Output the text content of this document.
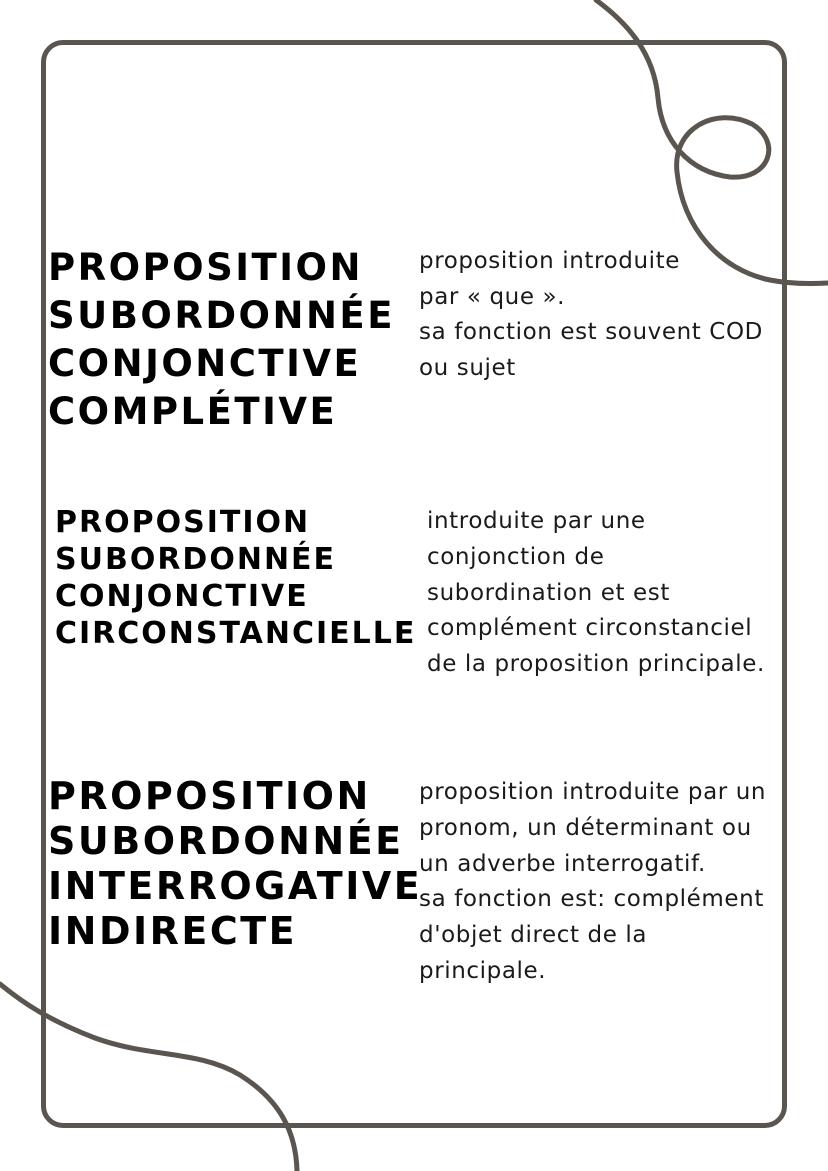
PROPOSITION
SUBORDONNÉE
CONJONCTIVE
COMPLÉTIVE

proposition introduite
par « que ».
sa fonction est souvent COD
ou sujet

PROPOSITION
SUBORDONNÉE
CONJONCTIVE
CIRCONSTANCIELLE

introduite par une
conjonction de
subordination et est
complément circonstanciel
de la proposition principale.

PROPOSITION
SUBORDONNÉE
INTERROGATIVE
INDIRECTE

proposition introduite par un
pronom, un déterminant ou
un adverbe interrogatif.
sa fonction est: complément
d'objet direct de la
principale.
